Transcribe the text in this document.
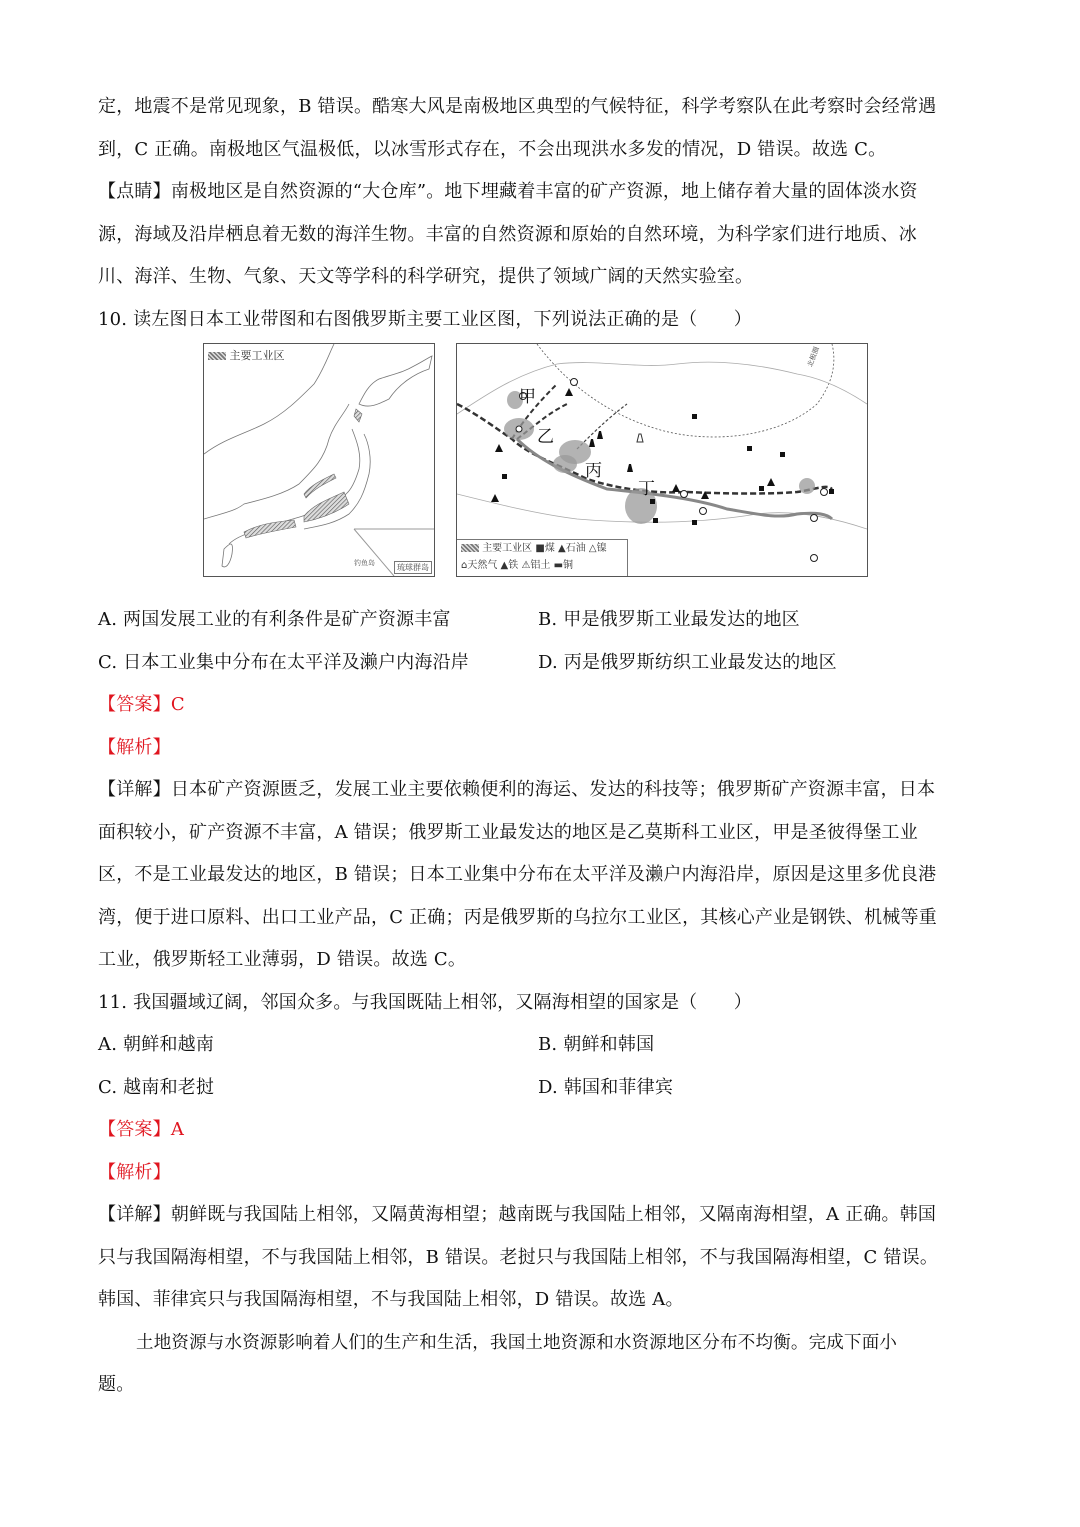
定，地震不是常见现象，B 错误。酷寒大风是南极地区典型的气候特征，科学考察队在此考察时会经常遇
到，C 正确。南极地区气温极低，以冰雪形式存在，不会出现洪水多发的情况，D 错误。故选 C。
【点睛】南极地区是自然资源的“大仓库”。地下埋藏着丰富的矿产资源，地上储存着大量的固体淡水资
源，海域及沿岸栖息着无数的海洋生物。丰富的自然资源和原始的自然环境，为科学家们进行地质、冰
川、海洋、生物、气象、天文等学科的科学研究，提供了领域广阔的天然实验室。
10. 读左图日本工业带图和右图俄罗斯主要工业区图，下列说法正确的是（　　）
主要工业区
琉球群岛
钓鱼岛
甲
乙
丙
丁
北极圈
主要工业区 ■煤 ▲石油 △镍
⌂天然气 ▲铁 ⚠铝土 ▬铜
A. 两国发展工业的有利条件是矿产资源丰富	B. 甲是俄罗斯工业最发达的地区
C. 日本工业集中分布在太平洋及濑户内海沿岸	D. 丙是俄罗斯纺织工业最发达的地区
【答案】C
【解析】
【详解】日本矿产资源匮乏，发展工业主要依赖便利的海运、发达的科技等；俄罗斯矿产资源丰富，日本
面积较小，矿产资源不丰富，A 错误；俄罗斯工业最发达的地区是乙莫斯科工业区，甲是圣彼得堡工业
区，不是工业最发达的地区，B 错误；日本工业集中分布在太平洋及濑户内海沿岸，原因是这里多优良港
湾，便于进口原料、出口工业产品，C 正确；丙是俄罗斯的乌拉尔工业区，其核心产业是钢铁、机械等重
工业，俄罗斯轻工业薄弱，D 错误。故选 C。
11. 我国疆域辽阔，邻国众多。与我国既陆上相邻，又隔海相望的国家是（　　）
A. 朝鲜和越南	B. 朝鲜和韩国
C. 越南和老挝	D. 韩国和菲律宾
【答案】A
【解析】
【详解】朝鲜既与我国陆上相邻，又隔黄海相望；越南既与我国陆上相邻，又隔南海相望，A 正确。韩国
只与我国隔海相望，不与我国陆上相邻，B 错误。老挝只与我国陆上相邻，不与我国隔海相望，C 错误。
韩国、菲律宾只与我国隔海相望，不与我国陆上相邻，D 错误。故选 A。
土地资源与水资源影响着人们的生产和生活，我国土地资源和水资源地区分布不均衡。完成下面小
题。
